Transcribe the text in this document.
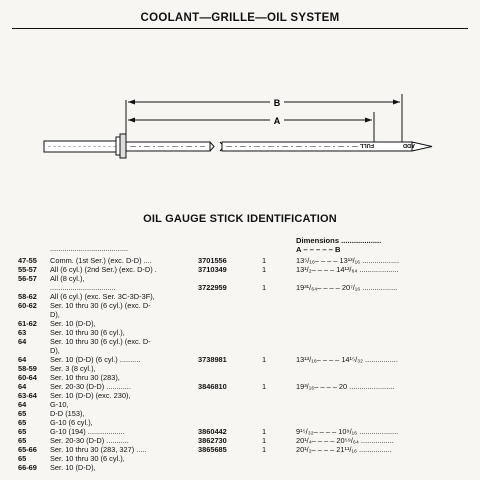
COOLANT—GRILLE—OIL SYSTEM
B
A
FULL	ADD
OIL GAUGE STICK IDENTIFICATION
......................................
Dimensions ...................
A – – – – – B
47-55 Comm. (1st Ser.) (exc. D-D) ....	3701556	1	13⁵/₁₆– – – – 13¹³/₁₆ ..................
55-57 All (6 cyl.) (2nd Ser.) (exc. D-D) .	3710349	1	13¹/₂– – – – 14¹³/₆₄ ...................
56-57 All (8 cyl.),
................................	3722959	1	19³¹/₆₄– – – – 20⁷/₁₆ .................
58-62 All (6 cyl.) (exc. Ser. 3C-3D-3F),
60-62 Ser. 10 thru 30 (6 cyl.) (exc. D-
D),
61-62 Ser. 10 (D-D),
63	Ser. 10 thru 30 (6 cyl.),
64	Ser. 10 thru 30 (6 cyl.) (exc. D-
D),
64	Ser. 10 (D-D) (6 cyl.) ..........	3738981	1	13¹³/₁₆– – – – 14¹⁵/₃₂ ................
58-59 Ser. 3 (8 cyl.),
60-64 Ser. 10 thru 30 (283),
64	Ser. 20-30 (D-D) ............	3846810	1	19³/₁₆– – – – 20 ......................
63-64 Ser. 10 (D-D) (exc. 230),
64	G-10,
65	D-D (153),
65	G-10 (6 cyl.),
65	G-10 (194) ..................	3860442	1	9¹⁵/₃₂– – – – 10⁹/₁₆ ...................
65	Ser. 20-30 (D-D) ...........	3862730	1	20¹/₄– – – – 20⁵⁹/₆₄ ................
65-66 Ser. 10 thru 30 (283, 327) .....	3865685	1	20¹/₂– – – – 21¹¹/₁₆ ................
65	Ser. 10 thru 30 (6 cyl.),
66-69 Ser. 10 (D-D),
